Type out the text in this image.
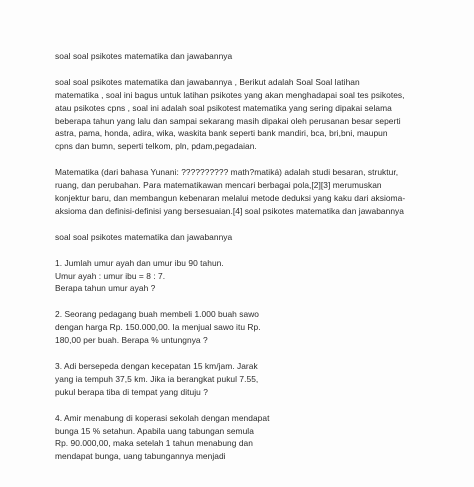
soal soal psikotes matematika dan jawabannya
soal soal psikotes matematika dan jawabannya , Berikut adalah Soal Soal latihan
matematika , soal ini bagus untuk latihan psikotes yang akan menghadapai soal tes psikotes,
atau psikotes cpns , soal ini adalah soal psikotest matematika yang sering dipakai selama
beberapa tahun yang lalu dan sampai sekarang masih dipakai oleh perusanan besar seperti
astra, pama, honda, adira, wika, waskita bank seperti bank mandiri, bca, bri,bni, maupun
cpns dan bumn, seperti telkom, pln, pdam,pegadaian.
Matematika (dari bahasa Yunani: ?????????? math?matiká) adalah studi besaran, struktur,
ruang, dan perubahan. Para matematikawan mencari berbagai pola,[2][3] merumuskan
konjektur baru, dan membangun kebenaran melalui metode deduksi yang kaku dari aksioma-
aksioma dan definisi-definisi yang bersesuaian.[4] soal psikotes matematika dan jawabannya
soal soal psikotes matematika dan jawabannya
1. Jumlah umur ayah dan umur ibu 90 tahun.
Umur ayah : umur ibu = 8 : 7.
Berapa tahun umur ayah ?
2. Seorang pedagang buah membeli 1.000 buah sawo
dengan harga Rp. 150.000,00. Ia menjual sawo itu Rp.
180,00 per buah. Berapa % untungnya ?
3. Adi bersepeda dengan kecepatan 15 km/jam. Jarak
yang ia tempuh 37,5 km. Jika ia berangkat pukul 7.55,
pukul berapa tiba di tempat yang dituju ?
4. Amir menabung di koperasi sekolah dengan mendapat
bunga 15 % setahun. Apabila uang tabungan semula
Rp. 90.000,00, maka setelah 1 tahun menabung dan
mendapat bunga, uang tabungannya menjadi
